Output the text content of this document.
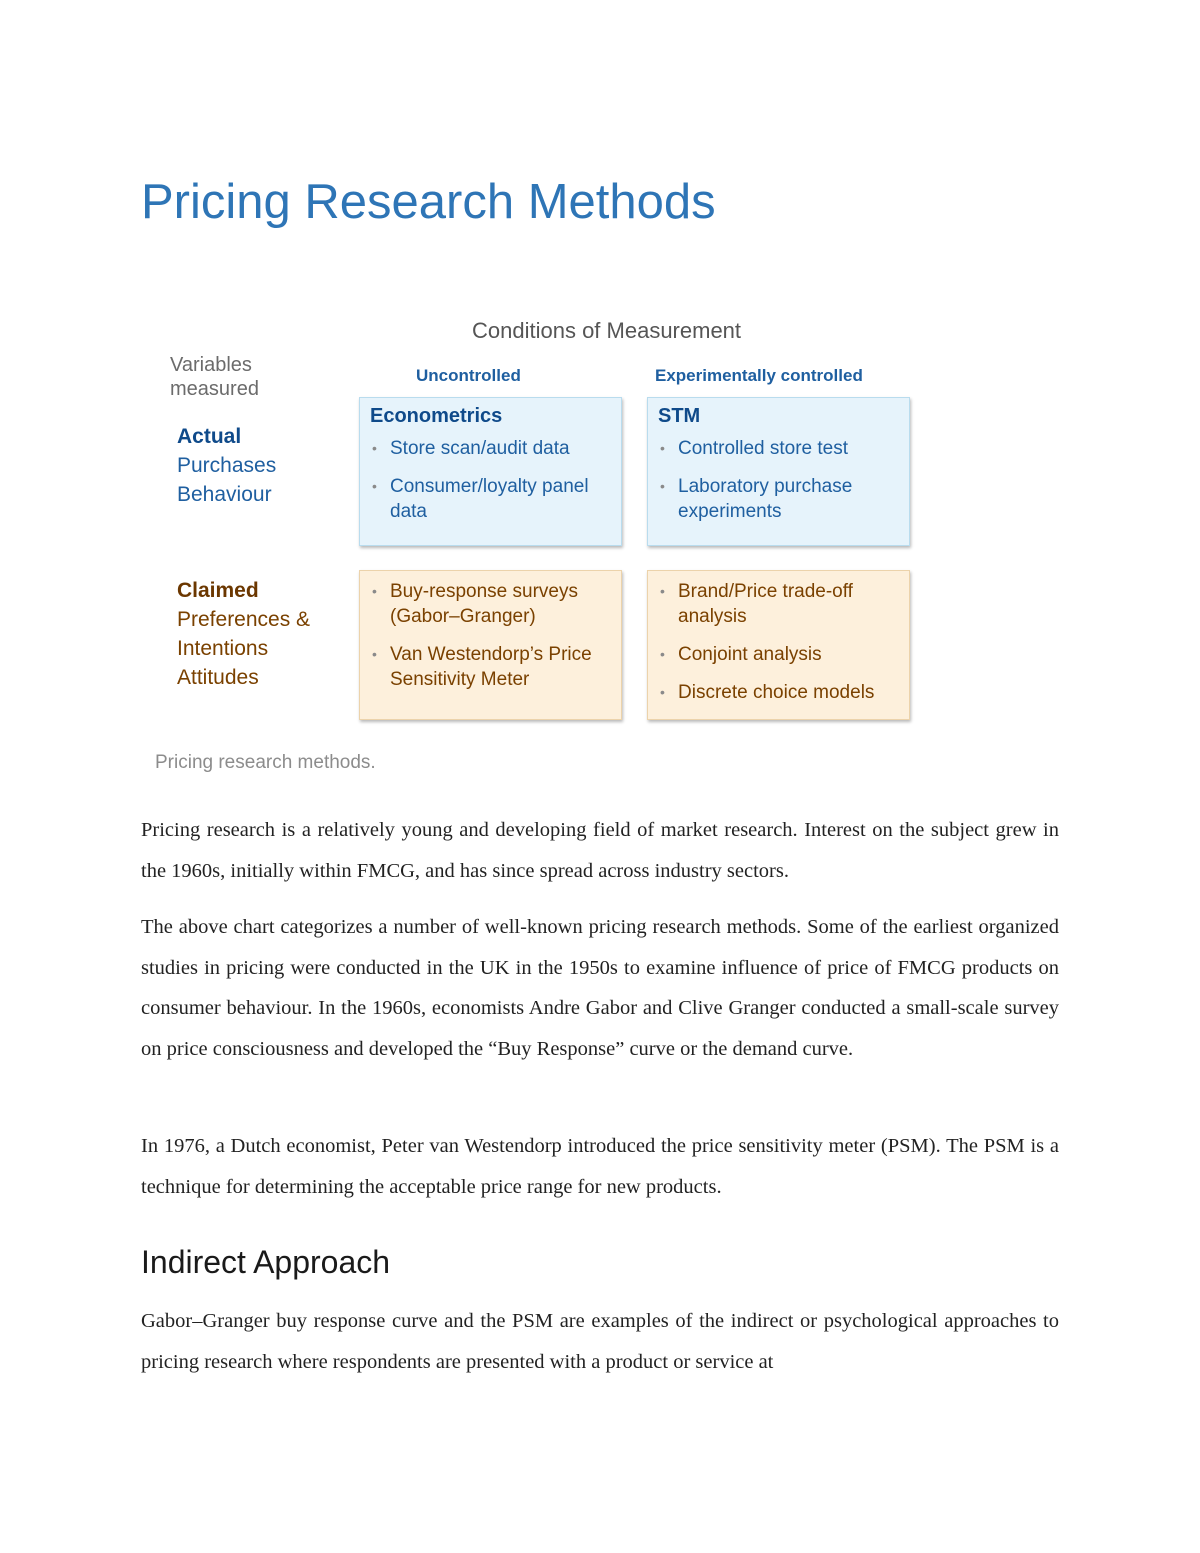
Pricing Research Methods
Conditions of Measurement
Variables measured
Uncontrolled	Experimentally controlled
Actual
Purchases
Behaviour
Claimed
Preferences &
Intentions
Attitudes
Econometrics
• Store scan/audit data
• Consumer/loyalty panel data
STM
• Controlled store test
• Laboratory purchase experiments
• Buy-response surveys (Gabor–Granger)
• Van Westendorp’s Price Sensitivity Meter
• Brand/Price trade-off analysis
• Conjoint analysis
• Discrete choice models
Pricing research methods.

Pricing research is a relatively young and developing field of market research. Interest on the subject grew in the 1960s, initially within FMCG, and has since spread across industry sectors.

The above chart categorizes a number of well-known pricing research methods. Some of the earliest organized studies in pricing were conducted in the UK in the 1950s to examine influence of price of FMCG products on consumer behaviour. In the 1960s, economists Andre Gabor and Clive Granger conducted a small-scale survey on price consciousness and developed the “Buy Response” curve or the demand curve.

In 1976, a Dutch economist, Peter van Westendorp introduced the price sensitivity meter (PSM). The PSM is a technique for determining the acceptable price range for new products.

Indirect Approach

Gabor–Granger buy response curve and the PSM are examples of the indirect or psychological approaches to pricing research where respondents are presented with a product or service at
